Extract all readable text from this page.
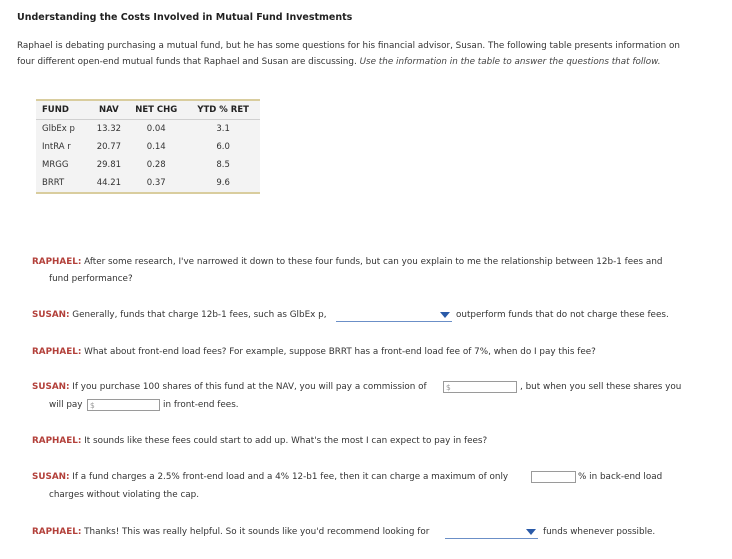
Understanding the Costs Involved in Mutual Fund Investments
Raphael is debating purchasing a mutual fund, but he has some questions for his financial advisor, Susan. The following table presents information on
four different open-end mutual funds that Raphael and Susan are discussing. Use the information in the table to answer the questions that follow.
FUND	NAV	NET CHG	YTD % RET
GlbEx p	13.32	0.04	3.1
IntRA r	20.77	0.14	6.0
MRGG	29.81	0.28	8.5
BRRT	44.21	0.37	9.6
RAPHAEL: After some research, I've narrowed it down to these four funds, but can you explain to me the relationship between 12b-1 fees and
fund performance?
SUSAN: Generally, funds that charge 12b-1 fees, such as GlbEx p,	outperform funds that do not charge these fees.
RAPHAEL: What about front-end load fees? For example, suppose BRRT has a front-end load fee of 7%, when do I pay this fee?
SUSAN: If you purchase 100 shares of this fund at the NAV, you will pay a commission of	$	, but when you sell these shares you
will pay $	in front-end fees.
RAPHAEL: It sounds like these fees could start to add up. What's the most I can expect to pay in fees?
SUSAN: If a fund charges a 2.5% front-end load and a 4% 12-b1 fee, then it can charge a maximum of only	% in back-end load
charges without violating the cap.
RAPHAEL: Thanks! This was really helpful. So it sounds like you'd recommend looking for	funds whenever possible.
